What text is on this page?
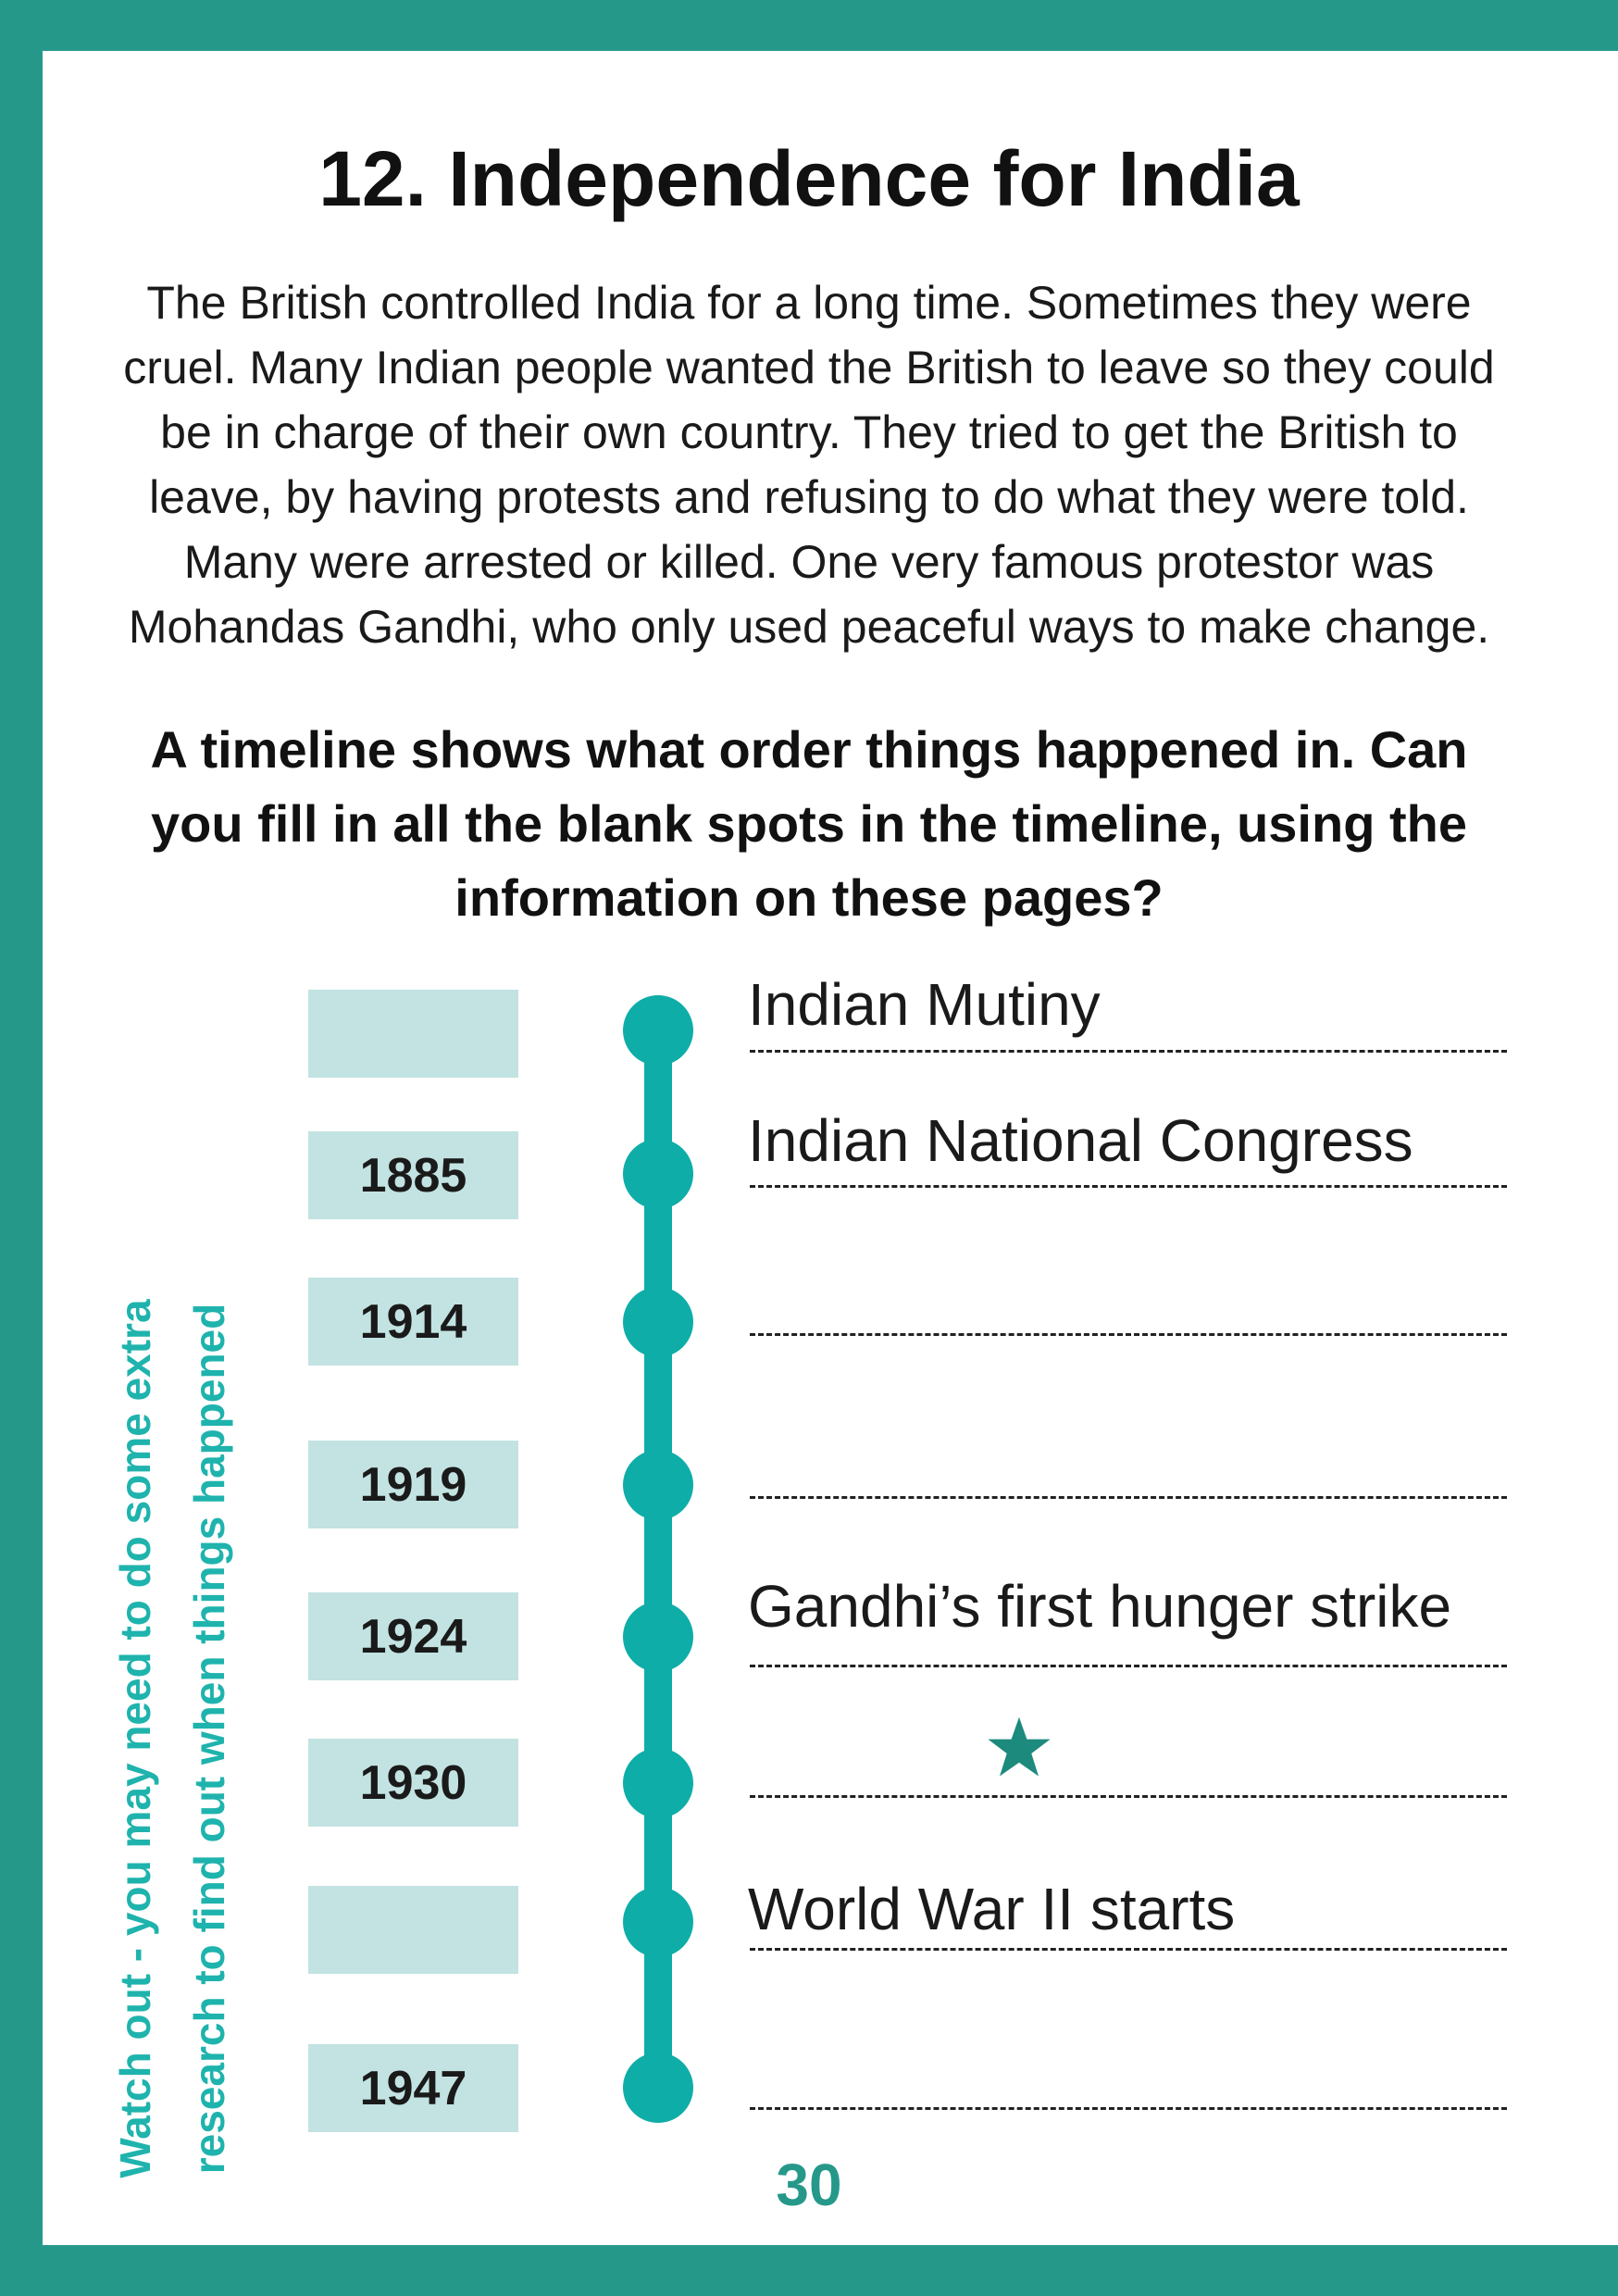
12. Independence for India
The British controlled India for a long time. Sometimes they were
cruel. Many Indian people wanted the British to leave so they could
be in charge of their own country. They tried to get the British to
leave, by having protests and refusing to do what they were told.
Many were arrested or killed. One very famous protestor was
Mohandas Gandhi, who only used peaceful ways to make change.
A timeline shows what order things happened in. Can
you fill in all the blank spots in the timeline, using the
information on these pages?
Watch out - you may need to do some extra research to find out when things happened
Indian Mutiny
1885
Indian National Congress
1914
1919
1924	Gandhi’s first hunger strike
1930
World War II starts
1947
30
